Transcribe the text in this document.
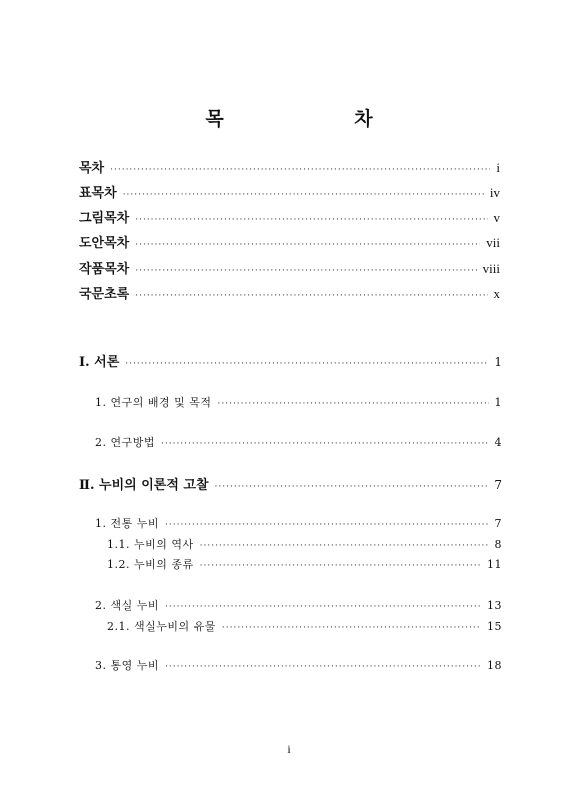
목 차
목차 ·····	i
표목차 ·····	iv
그림목차 ·····	v
도안목차 ·····	vii
작품목차 ·····	viii
국문초록 ·····	x
Ⅰ. 서론 ·····	1
1. 연구의 배경 및 목적 ·····	1
2. 연구방법 ·····	4
Ⅱ. 누비의 이론적 고찰 ·····	7
1. 전통 누비 ·····	7
1.1. 누비의 역사 ·····	8
1.2. 누비의 종류 ·····	11
2. 색실 누비 ·····	13
2.1. 색실누비의 유물 ·····	15
3. 통영 누비 ·····	18
i
